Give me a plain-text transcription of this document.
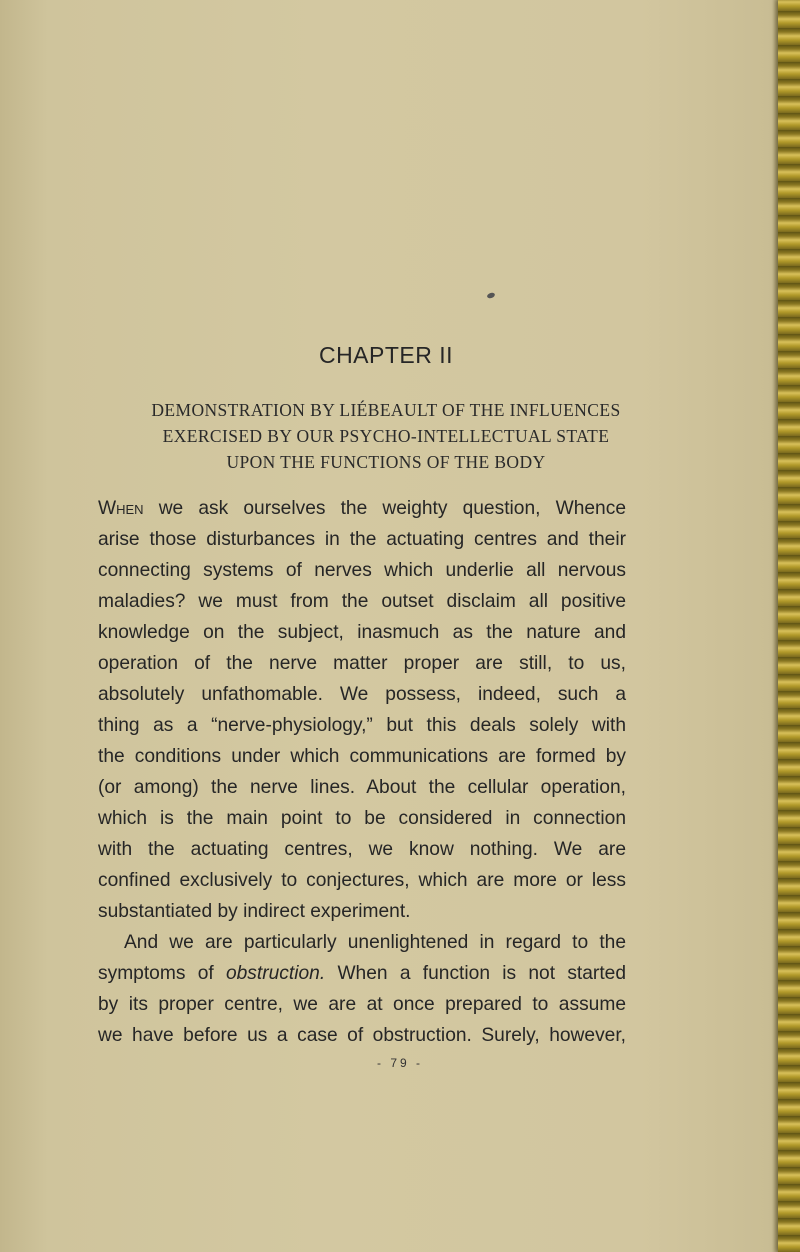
CHAPTER II
DEMONSTRATION BY LIÉBEAULT OF THE INFLUENCES
EXERCISED BY OUR PSYCHO-INTELLECTUAL STATE
UPON THE FUNCTIONS OF THE BODY
When we ask ourselves the weighty question, Whence
arise those disturbances in the actuating centres and their
connecting systems of nerves which underlie all nervous
maladies? we must from the outset disclaim all positive
knowledge on the subject, inasmuch as the nature and
operation of the nerve matter proper are still, to us,
absolutely unfathomable. We possess, indeed, such a
thing as a “nerve-physiology,” but this deals solely with
the conditions under which communications are formed by
(or among) the nerve lines. About the cellular operation,
which is the main point to be considered in connection
with the actuating centres, we know nothing. We are
confined exclusively to conjectures, which are more or less
substantiated by indirect experiment.
And we are particularly unenlightened in regard to the
symptoms of obstruction. When a function is not started
by its proper centre, we are at once prepared to assume
we have before us a case of obstruction. Surely, however,
- 79 -
